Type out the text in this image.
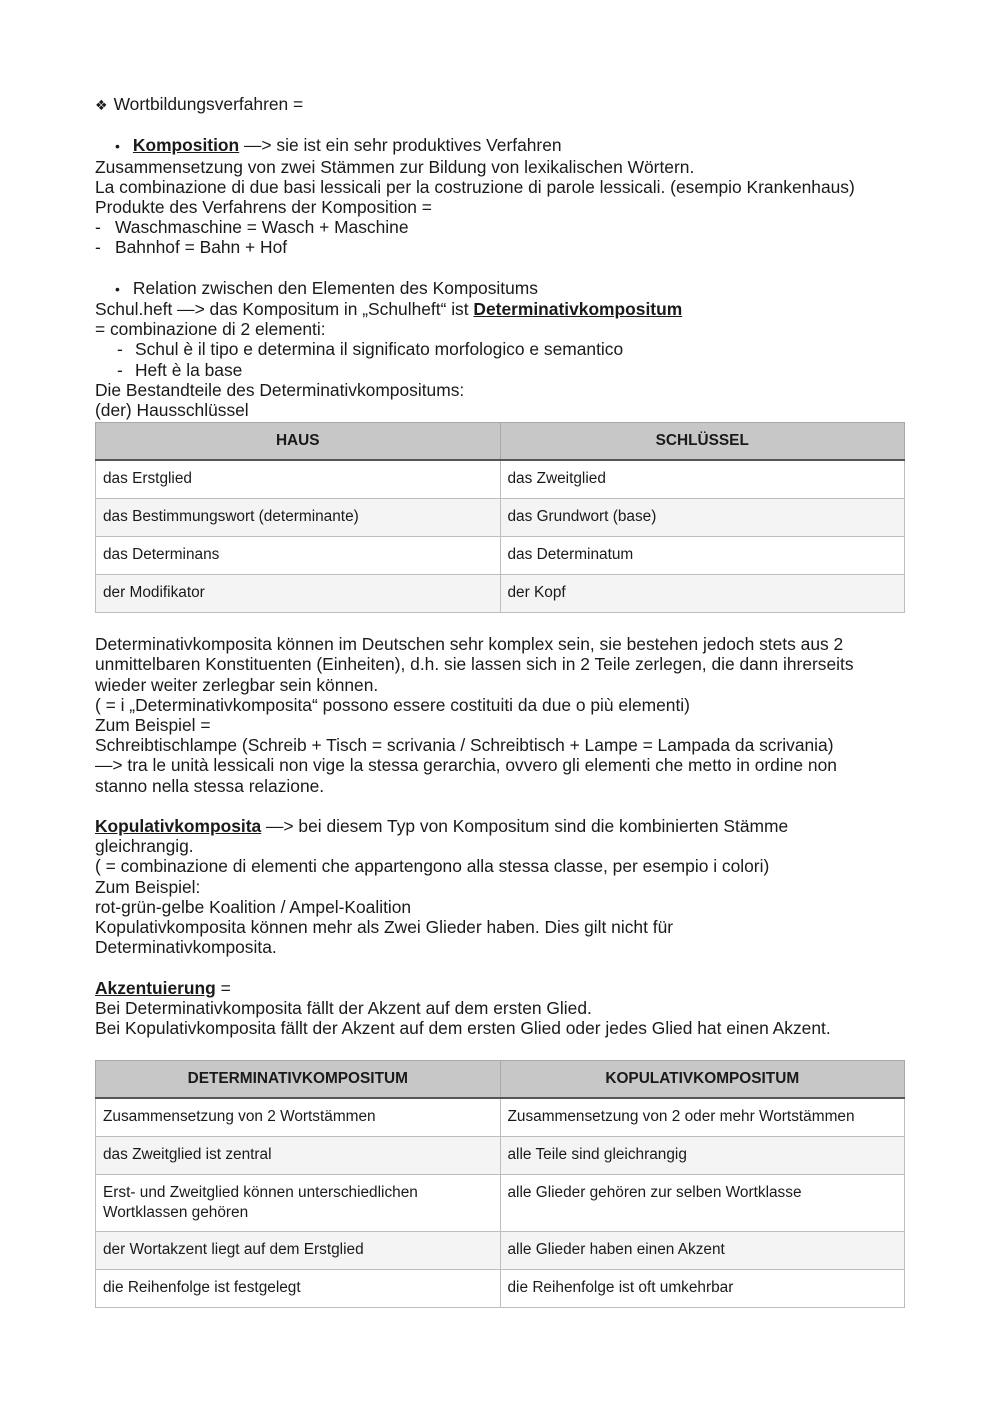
❖ Wortbildungsverfahren =
• Komposition —> sie ist ein sehr produktives Verfahren
Zusammensetzung von zwei Stämmen zur Bildung von lexikalischen Wörtern.
La combinazione di due basi lessicali per la costruzione di parole lessicali. (esempio Krankenhaus)
Produkte des Verfahrens der Komposition =
- Waschmaschine = Wasch + Maschine
- Bahnhof = Bahn + Hof
• Relation zwischen den Elementen des Kompositums
Schul.heft —> das Kompositum in „Schulheft“ ist Determinativkompositum
= combinazione di 2 elementi:
- Schul è il tipo e determina il significato morfologico e semantico
- Heft è la base
Die Bestandteile des Determinativkompositums:
(der) Hausschlüssel
HAUS	SCHLÜSSEL
das Erstglied	das Zweitglied
das Bestimmungswort (determinante)	das Grundwort (base)
das Determinans	das Determinatum
der Modifikator	der Kopf
Determinativkomposita können im Deutschen sehr komplex sein, sie bestehen jedoch stets aus 2
unmittelbaren Konstituenten (Einheiten), d.h. sie lassen sich in 2 Teile zerlegen, die dann ihrerseits
wieder weiter zerlegbar sein können.
( = i „Determinativkomposita“ possono essere costituiti da due o più elementi)
Zum Beispiel =
Schreibtischlampe (Schreib + Tisch = scrivania / Schreibtisch + Lampe = Lampada da scrivania)
—> tra le unità lessicali non vige la stessa gerarchia, ovvero gli elementi che metto in ordine non
stanno nella stessa relazione.
Kopulativkomposita —> bei diesem Typ von Kompositum sind die kombinierten Stämme
gleichrangig.
( = combinazione di elementi che appartengono alla stessa classe, per esempio i colori)
Zum Beispiel:
rot-grün-gelbe Koalition / Ampel-Koalition
Kopulativkomposita können mehr als Zwei Glieder haben. Dies gilt nicht für
Determinativkomposita.
Akzentuierung =
Bei Determinativkomposita fällt der Akzent auf dem ersten Glied.
Bei Kopulativkomposita fällt der Akzent auf dem ersten Glied oder jedes Glied hat einen Akzent.
DETERMINATIVKOMPOSITUM	KOPULATIVKOMPOSITUM
Zusammensetzung von 2 Wortstämmen	Zusammensetzung von 2 oder mehr Wortstämmen
das Zweitglied ist zentral	alle Teile sind gleichrangig
Erst- und Zweitglied können unterschiedlichen Wortklassen gehören	alle Glieder gehören zur selben Wortklasse
der Wortakzent liegt auf dem Erstglied	alle Glieder haben einen Akzent
die Reihenfolge ist festgelegt	die Reihenfolge ist oft umkehrbar
